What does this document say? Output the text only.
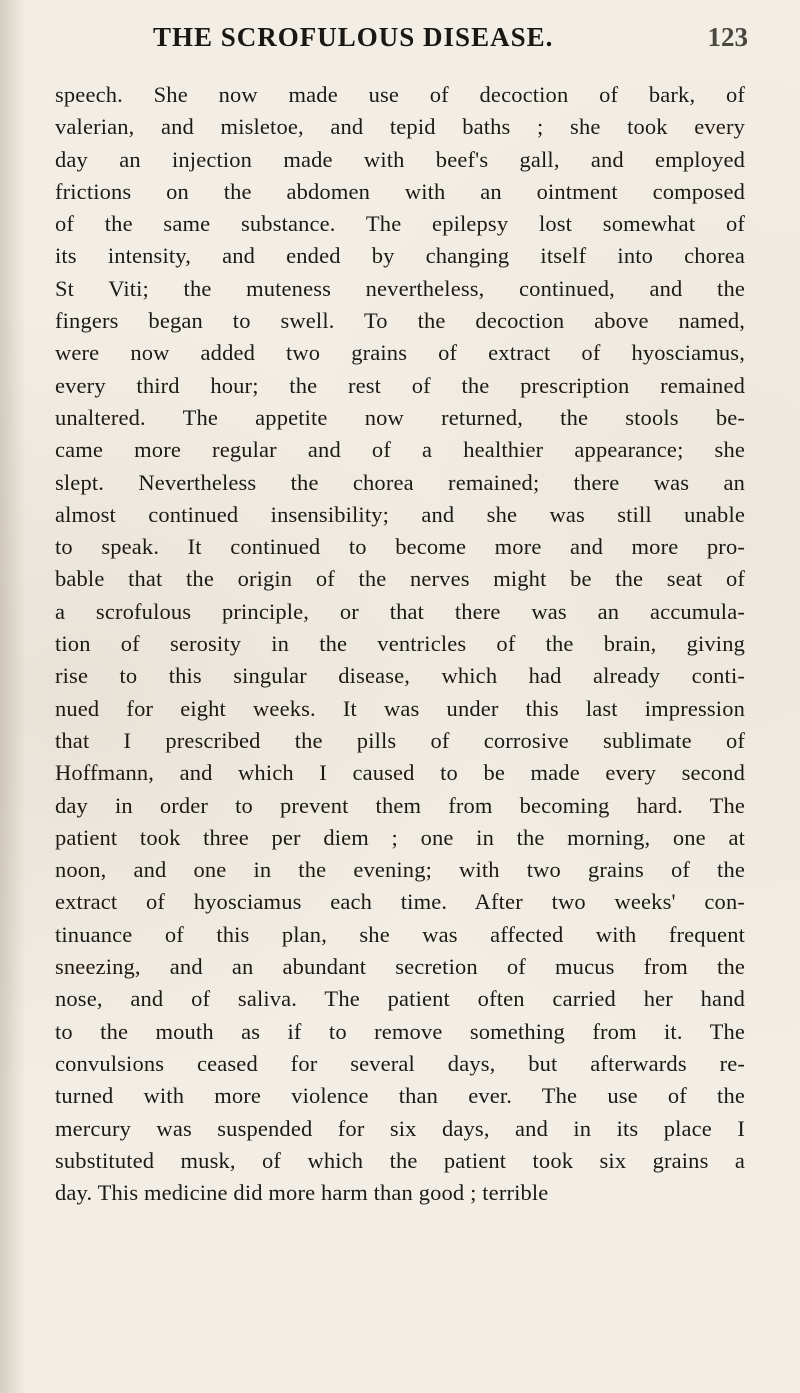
THE SCROFULOUS DISEASE.	123
speech. She now made use of decoction of bark, of
valerian, and misletoe, and tepid baths ; she took every
day an injection made with beef's gall, and employed
frictions on the abdomen with an ointment composed
of the same substance. The epilepsy lost somewhat of
its intensity, and ended by changing itself into chorea
St Viti; the muteness nevertheless, continued, and the
fingers began to swell. To the decoction above named,
were now added two grains of extract of hyosciamus,
every third hour; the rest of the prescription remained
unaltered. The appetite now returned, the stools be-
came more regular and of a healthier appearance; she
slept. Nevertheless the chorea remained; there was an
almost continued insensibility; and she was still unable
to speak. It continued to become more and more pro-
bable that the origin of the nerves might be the seat of
a scrofulous principle, or that there was an accumula-
tion of serosity in the ventricles of the brain, giving
rise to this singular disease, which had already conti-
nued for eight weeks. It was under this last impression
that I prescribed the pills of corrosive sublimate of
Hoffmann, and which I caused to be made every second
day in order to prevent them from becoming hard. The
patient took three per diem ; one in the morning, one at
noon, and one in the evening; with two grains of the
extract of hyosciamus each time. After two weeks' con-
tinuance of this plan, she was affected with frequent
sneezing, and an abundant secretion of mucus from the
nose, and of saliva. The patient often carried her hand
to the mouth as if to remove something from it. The
convulsions ceased for several days, but afterwards re-
turned with more violence than ever. The use of the
mercury was suspended for six days, and in its place I
substituted musk, of which the patient took six grains a
day. This medicine did more harm than good ; terrible
